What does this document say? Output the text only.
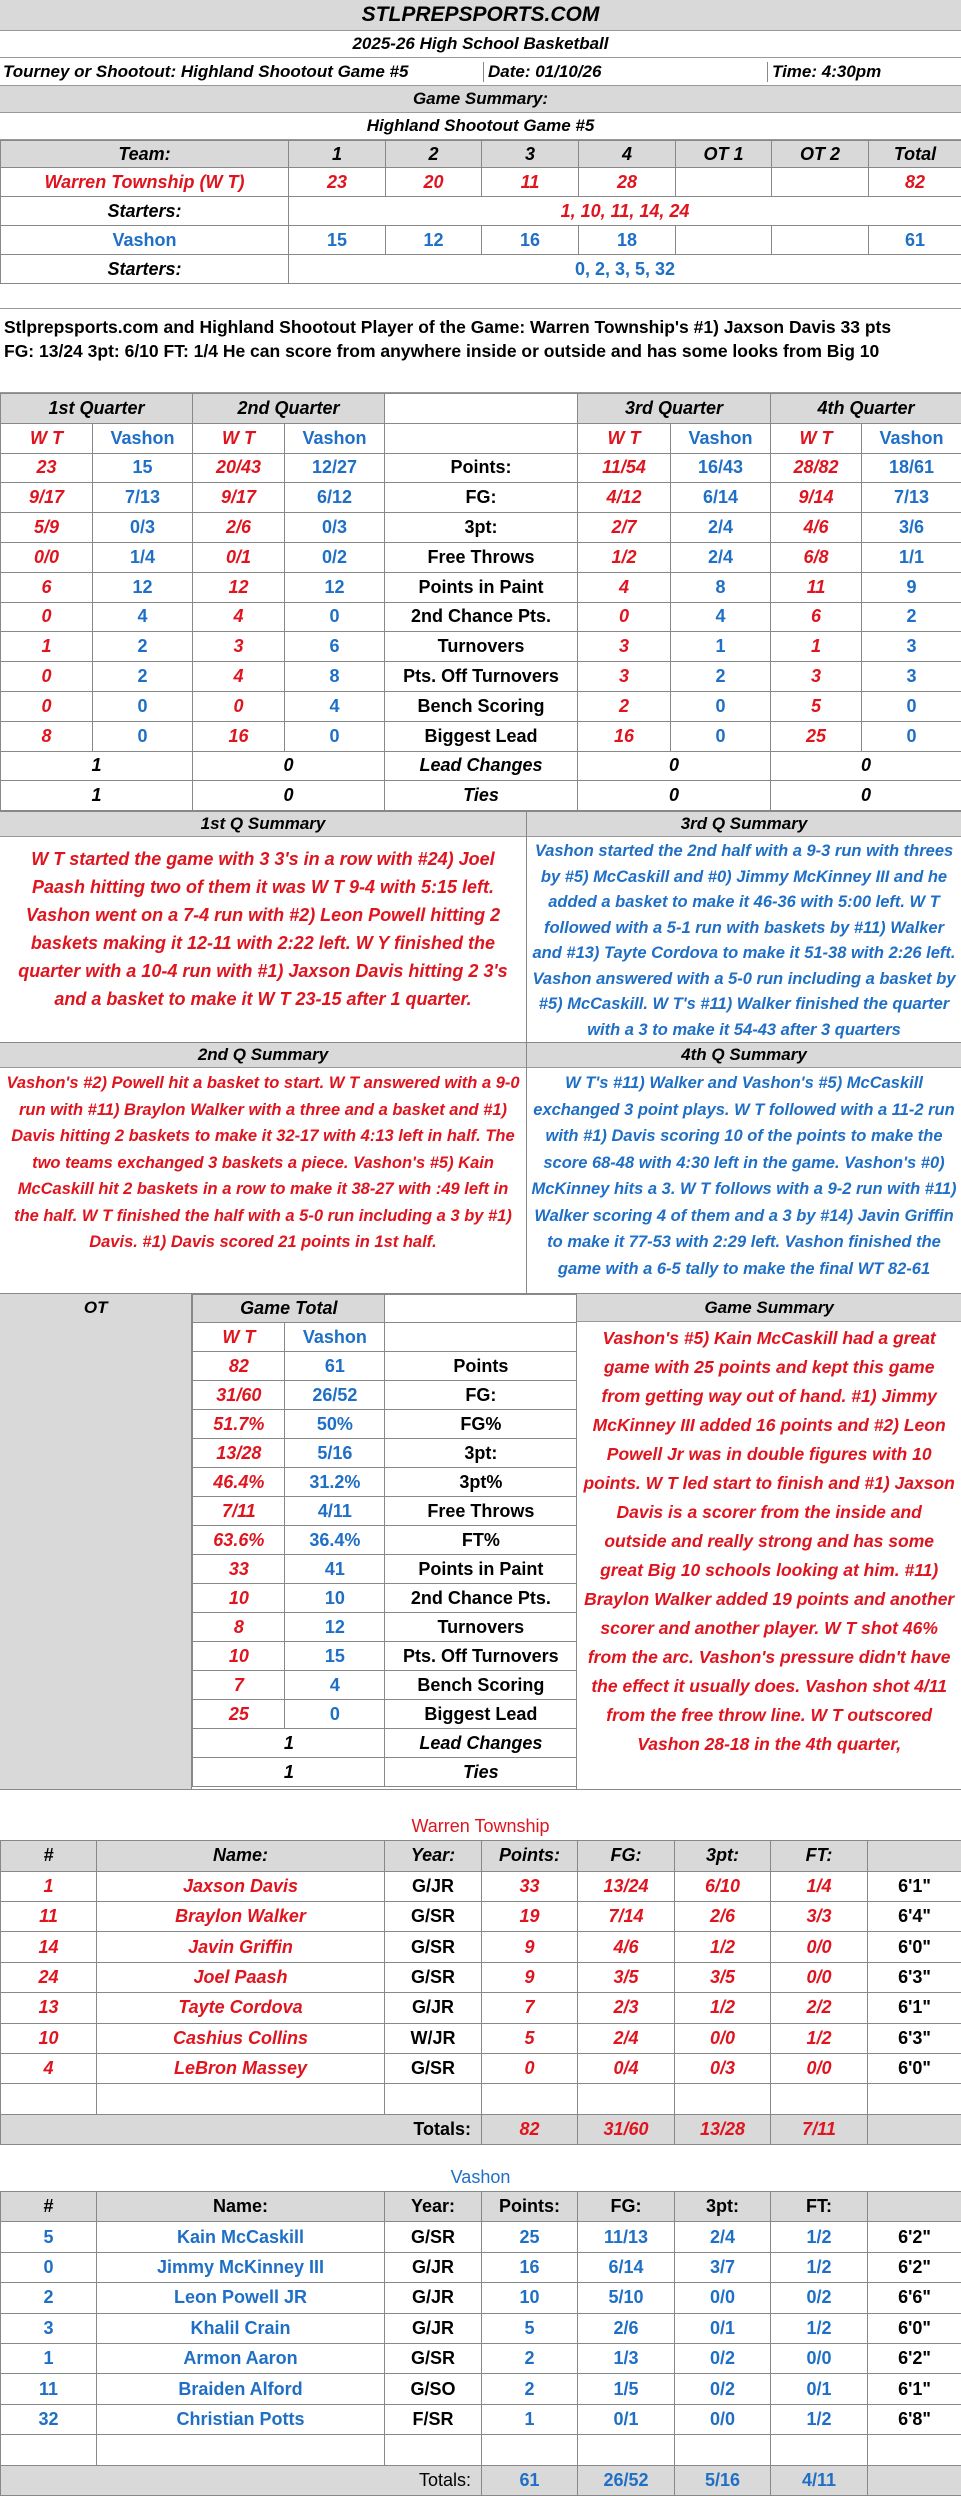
STLPREPSPORTS.COM
2025-26 High School Basketball
Tourney or Shootout: Highland Shootout Game #5	Date: 01/10/26	Time: 4:30pm
Game Summary:
Highland Shootout Game #5
Team:	1	2	3	4	OT 1	OT 2	Total
Warren Township (W T)	23	20	11	28			82
Starters:	1, 10, 11, 14, 24						
Vashon	15	12	16	18			61
Starters:	0, 2, 3, 5, 32						
Stlprepsports.com and Highland Shootout Player of the Game: Warren Township's #1) Jaxson Davis 33 pts
FG: 13/24 3pt: 6/10 FT: 1/4 He can score from anywhere inside or outside and has some looks from Big 10
1st Quarter		2nd Quarter			3rd Quarter		4th Quarter	
W T	Vashon	W T	Vashon		W T	Vashon	W T	Vashon
23	15	20/43	12/27	Points:	11/54	16/43	28/82	18/61
9/17	7/13	9/17	6/12	FG:	4/12	6/14	9/14	7/13
5/9	0/3	2/6	0/3	3pt:	2/7	2/4	4/6	3/6
0/0	1/4	0/1	0/2	Free Throws	1/2	2/4	6/8	1/1
6	12	12	12	Points in Paint	4	8	11	9
0	4	4	0	2nd Chance Pts.	0	4	6	2
1	2	3	6	Turnovers	3	1	1	3
0	2	4	8	Pts. Off Turnovers	3	2	3	3
0	0	0	4	Bench Scoring	2	0	5	0
8	0	16	0	Biggest Lead	16	0	25	0
1		0		Lead Changes	0		0	
1		0		Ties	0		0	
1st Q Summary
W T started the game with 3 3's in a row with #24) Joel Paash hitting two of them it was W T 9-4 with 5:15 left. Vashon went on a 7-4 run with #2) Leon Powell hitting 2 baskets making it 12-11 with 2:22 left. W Y finished the quarter with a 10-4 run with #1) Jaxson Davis hitting 2 3's and a basket to make it W T 23-15 after 1 quarter.
3rd Q Summary
Vashon started the 2nd half with a 9-3 run with threes by #5) McCaskill and #0) Jimmy McKinney III and he added a basket to make it 46-36 with 5:00 left. W T followed with a 5-1 run with baskets by #11) Walker and #13) Tayte Cordova to make it 51-38 with 2:26 left. Vashon answered with a 5-0 run including a basket by #5) McCaskill. W T's #11) Walker finished the quarter with a 3 to make it 54-43 after 3 quarters
2nd Q Summary
Vashon's #2) Powell hit a basket to start. W T answered with a 9-0 run with #11) Braylon Walker with a three and a basket and #1) Davis hitting 2 baskets to make it 32-17 with 4:13 left in half. The two teams exchanged 3 baskets a piece. Vashon's #5) Kain McCaskill hit 2 baskets in a row to make it 38-27 with :49 left in the half. W T finished the half with a 5-0 run including a 3 by #1) Davis. #1) Davis scored 21 points in 1st half.
4th Q Summary
W T's #11) Walker and Vashon's #5) McCaskill exchanged 3 point plays. W T followed with a 11-2 run with #1) Davis scoring 10 of the points to make the score 68-48 with 4:30 left in the game. Vashon's #0) McKinney hits a 3. W T follows with a 9-2 run with #11) Walker scoring 4 of them and a 3 by #14) Javin Griffin to make it 77-53 with 2:29 left. Vashon finished the game with a 6-5 tally to make the final WT 82-61
OT	Game Total		
W T	Vashon	
82	61	Points
31/60	26/52	FG:
51.7%	50%	FG%
13/28	5/16	3pt:
46.4%	31.2%	3pt%
7/11	4/11	Free Throws
63.6%	36.4%	FT%
33	41	Points in Paint
10	10	2nd Chance Pts.
8	12	Turnovers
10	15	Pts. Off Turnovers
7	4	Bench Scoring
25	0	Biggest Lead
1		Lead Changes
1		Ties
Game Summary
Vashon's #5) Kain McCaskill had a great game with 25 points and kept this game from getting way out of hand. #1) Jimmy McKinney III added 16 points and #2) Leon Powell Jr was in double figures with 10 points. W T led start to finish and #1) Jaxson Davis is a scorer from the inside and outside and really strong and has some great Big 10 schools looking at him. #11) Braylon Walker added 19 points and another scorer and another player. W T shot 46% from the arc. Vashon's pressure didn't have the effect it usually does. Vashon shot 4/11 from the free throw line. W T outscored Vashon 28-18 in the 4th quarter,
Warren Township
#	Name:	Year:	Points:	FG:	3pt:	FT:	
1	Jaxson Davis	G/JR	33	13/24	6/10	1/4	6'1"
11	Braylon Walker	G/SR	19	7/14	2/6	3/3	6'4"
14	Javin Griffin	G/SR	9	4/6	1/2	0/0	6'0"
24	Joel Paash	G/SR	9	3/5	3/5	0/0	6'3"
13	Tayte Cordova	G/JR	7	2/3	1/2	2/2	6'1"
10	Cashius Collins	W/JR	5	2/4	0/0	1/2	6'3"
4	LeBron Massey	G/SR	0	0/4	0/3	0/0	6'0"

Totals:			82	31/60	13/28	7/11	
Vashon
#	Name:	Year:	Points:	FG:	3pt:	FT:	
5	Kain McCaskill	G/SR	25	11/13	2/4	1/2	6'2"
0	Jimmy McKinney III	G/JR	16	6/14	3/7	1/2	6'2"
2	Leon Powell JR	G/JR	10	5/10	0/0	0/2	6'6"
3	Khalil Crain	G/JR	5	2/6	0/1	1/2	6'0"
1	Armon Aaron	G/SR	2	1/3	0/2	0/0	6'2"
11	Braiden Alford	G/SO	2	1/5	0/2	0/1	6'1"
32	Christian Potts	F/SR	1	0/1	0/0	1/2	6'8"

Totals:			61	26/52	5/16	4/11	
